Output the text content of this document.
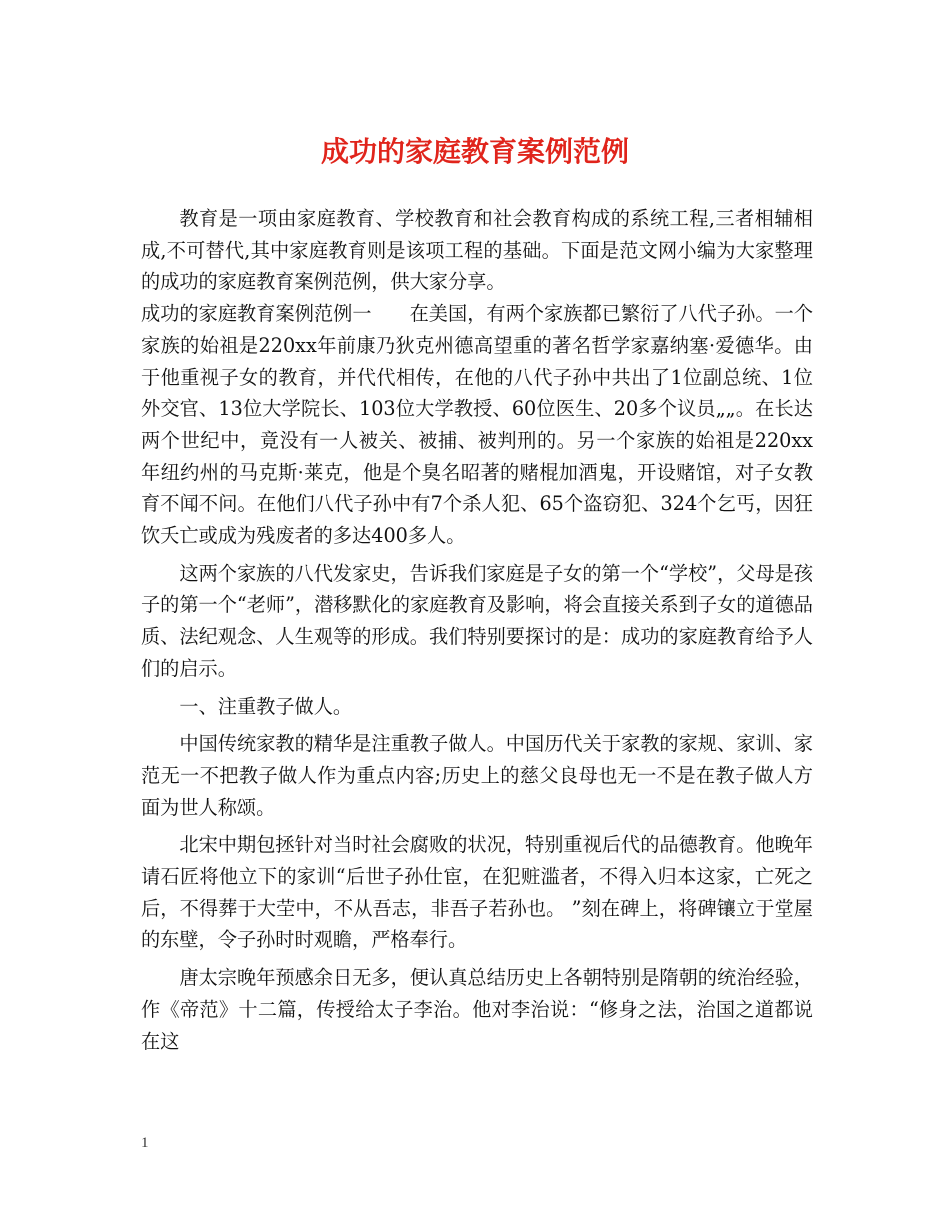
成功的家庭教育案例范例

教育是一项由家庭教育、学校教育和社会教育构成的系统工程,三者相辅相成,不可替代,其中家庭教育则是该项工程的基础。下面是范文网小编为大家整理的成功的家庭教育案例范例，供大家分享。

成功的家庭教育案例范例一 在美国，有两个家族都已繁衍了八代子孙。一个家族的始祖是220xx年前康乃狄克州德高望重的著名哲学家嘉纳塞·爱德华。由于他重视子女的教育，并代代相传，在他的八代子孙中共出了1位副总统、1位外交官、13位大学院长、103位大学教授、60位医生、20多个议员„„。在长达两个世纪中，竟没有一人被关、被捕、被判刑的。另一个家族的始祖是220xx年纽约州的马克斯·莱克，他是个臭名昭著的赌棍加酒鬼，开设赌馆，对子女教育不闻不问。在他们八代子孙中有7个杀人犯、65个盗窃犯、324个乞丐，因狂饮夭亡或成为残废者的多达400多人。

这两个家族的八代发家史，告诉我们家庭是子女的第一个“学校”，父母是孩子的第一个“老师”，潜移默化的家庭教育及影响，将会直接关系到子女的道德品质、法纪观念、人生观等的形成。我们特别要探讨的是：成功的家庭教育给予人们的启示。

一、注重教子做人。

中国传统家教的精华是注重教子做人。中国历代关于家教的家规、家训、家范无一不把教子做人作为重点内容;历史上的慈父良母也无一不是在教子做人方面为世人称颂。

北宋中期包拯针对当时社会腐败的状况，特别重视后代的品德教育。他晚年请石匠将他立下的家训“后世子孙仕宦，在犯赃滥者，不得入归本这家，亡死之后，不得葬于大茔中，不从吾志，非吾子若孙也。 ”刻在碑上，将碑镶立于堂屋的东壁，令子孙时时观瞻，严格奉行。

唐太宗晚年预感余日无多，便认真总结历史上各朝特别是隋朝的统治经验，作《帝范》十二篇，传授给太子李治。他对李治说：“修身之法，治国之道都说在这

1
